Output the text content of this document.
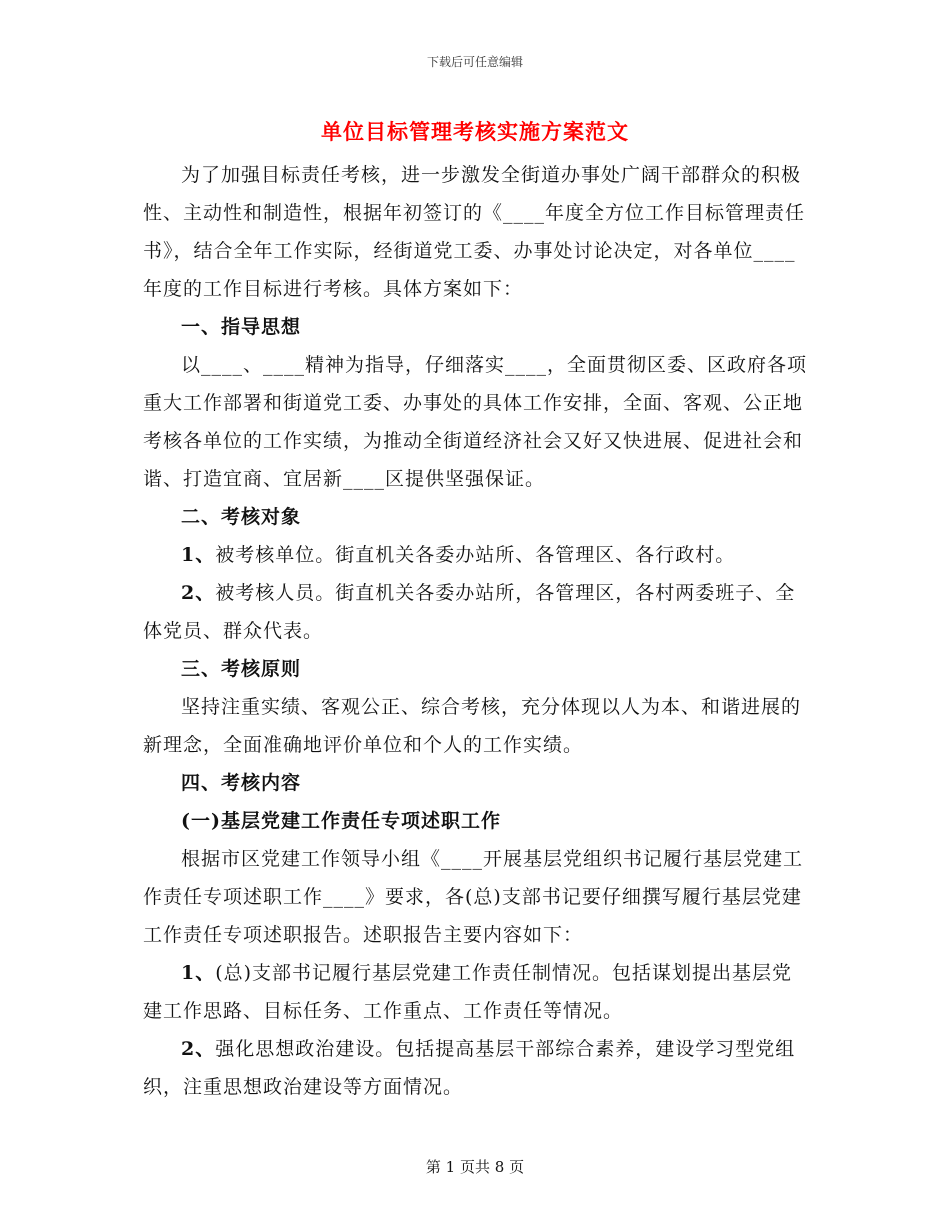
下载后可任意编辑
单位目标管理考核实施方案范文

为了加强目标责任考核，进一步激发全街道办事处广阔干部群众的积极性、主动性和制造性，根据年初签订的《____年度全方位工作目标管理责任书》，结合全年工作实际，经街道党工委、办事处讨论决定，对各单位____年度的工作目标进行考核。具体方案如下：

一、指导思想

以____、____精神为指导，仔细落实____，全面贯彻区委、区政府各项重大工作部署和街道党工委、办事处的具体工作安排，全面、客观、公正地考核各单位的工作实绩，为推动全街道经济社会又好又快进展、促进社会和谐、打造宜商、宜居新____区提供坚强保证。

二、考核对象

1、被考核单位。街直机关各委办站所、各管理区、各行政村。

2、被考核人员。街直机关各委办站所，各管理区，各村两委班子、全体党员、群众代表。

三、考核原则

坚持注重实绩、客观公正、综合考核，充分体现以人为本、和谐进展的新理念，全面准确地评价单位和个人的工作实绩。

四、考核内容

(一)基层党建工作责任专项述职工作

根据市区党建工作领导小组《____开展基层党组织书记履行基层党建工作责任专项述职工作____》要求，各(总)支部书记要仔细撰写履行基层党建工作责任专项述职报告。述职报告主要内容如下：

1、(总)支部书记履行基层党建工作责任制情况。包括谋划提出基层党建工作思路、目标任务、工作重点、工作责任等情况。

2、强化思想政治建设。包括提高基层干部综合素养，建设学习型党组织，注重思想政治建设等方面情况。

第 1 页共 8 页
